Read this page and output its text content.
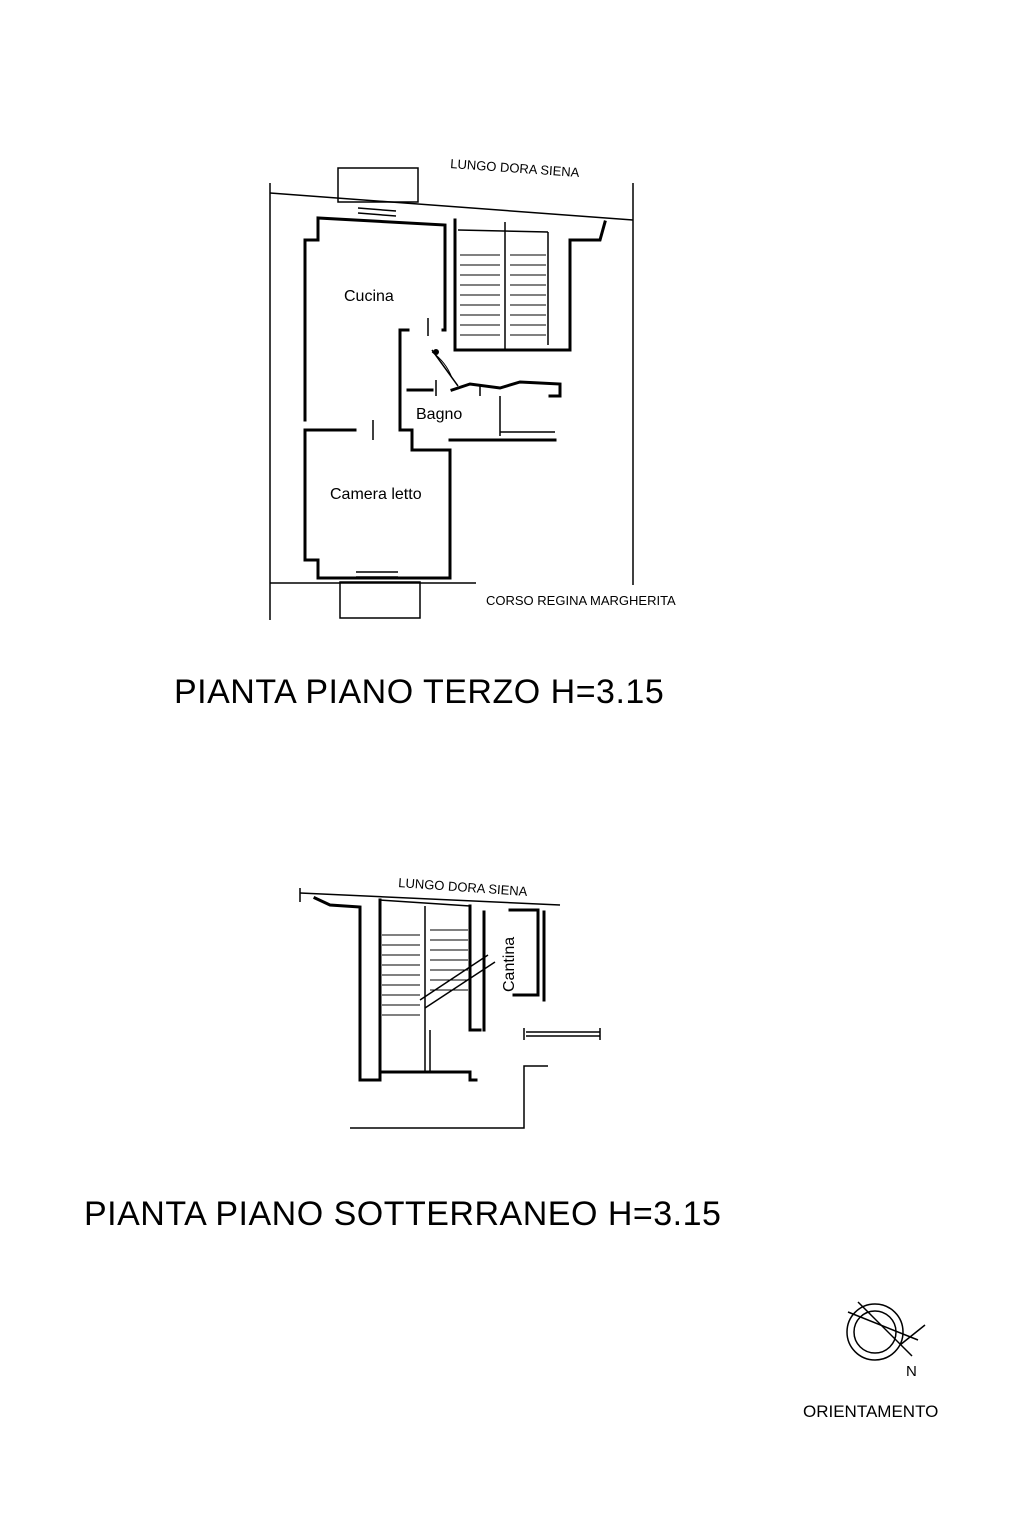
LUNGO DORA SIENA
Cucina
Bagno
Camera letto
CORSO REGINA MARGHERITA
PIANTA PIANO TERZO H=3.15
LUNGO DORA SIENA
Cantina
PIANTA PIANO SOTTERRANEO H=3.15
N
ORIENTAMENTO
